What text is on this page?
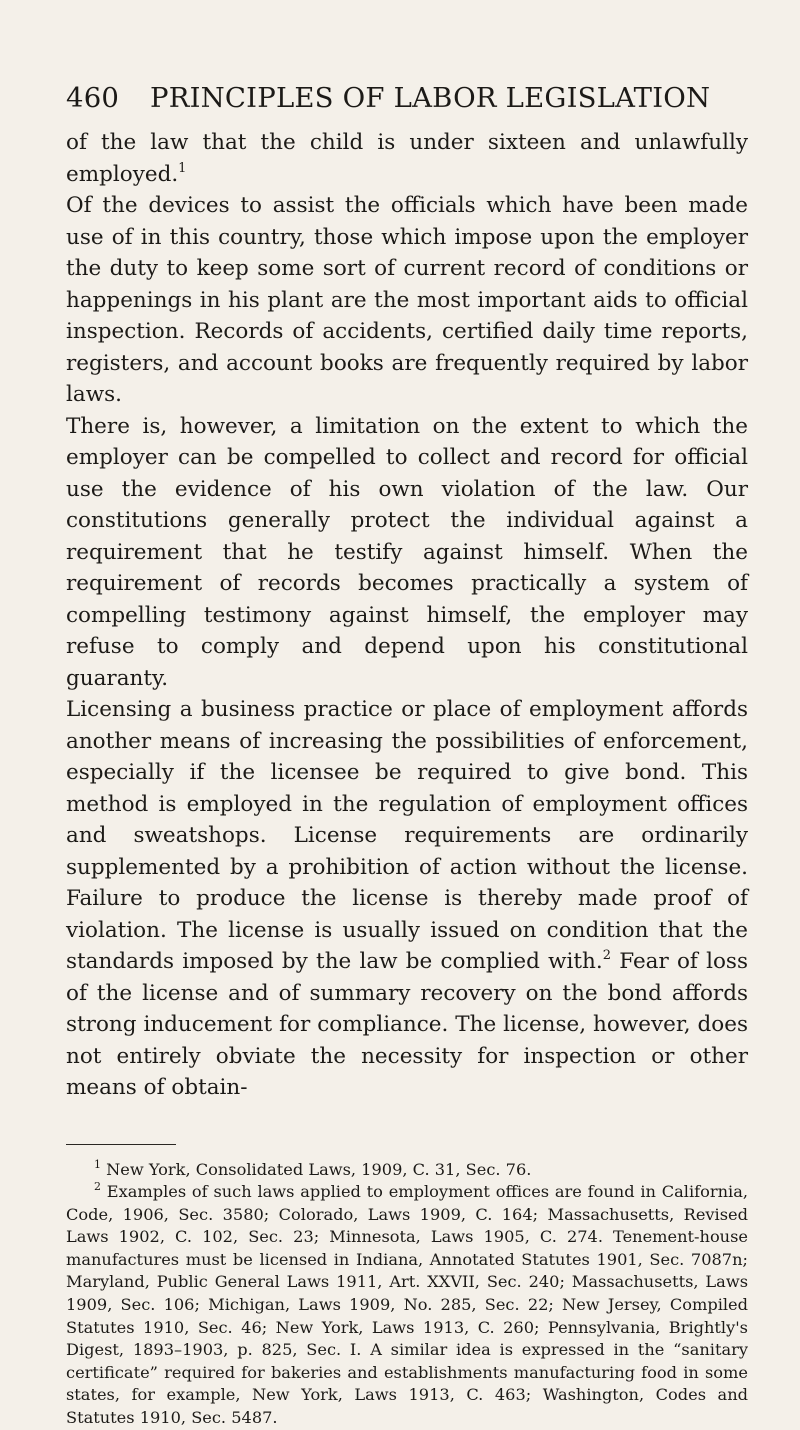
460 PRINCIPLES OF LABOR LEGISLATION

of the law that the child is under sixteen and unlawfully employed.$^1$

Of the devices to assist the officials which have been made use of in this country, those which impose upon the employer the duty to keep some sort of current record of conditions or happenings in his plant are the most important aids to official inspection. Records of accidents, certified daily time reports, registers, and account books are frequently required by labor laws.

There is, however, a limitation on the extent to which the employer can be compelled to collect and record for official use the evidence of his own violation of the law. Our constitutions generally protect the individual against a requirement that he testify against himself. When the requirement of records becomes practically a system of compelling testimony against himself, the employer may refuse to comply and depend upon his constitutional guaranty.

Licensing a business practice or place of employment affords another means of increasing the possibilities of enforcement, especially if the licensee be required to give bond. This method is employed in the regulation of employment offices and sweatshops. License requirements are ordinarily supplemented by a prohibition of action without the license. Failure to produce the license is thereby made proof of violation. The license is usually issued on condition that the standards imposed by the law be complied with.$^2$ Fear of loss of the license and of summary recovery on the bond affords strong inducement for compliance. The license, however, does not entirely obviate the necessity for inspection or other means of obtain-

$^1$ New York, Consolidated Laws, 1909, C. 31, Sec. 76.

$^2$ Examples of such laws applied to employment offices are found in California, Code, 1906, Sec. 3580; Colorado, Laws 1909, C. 164; Massachusetts, Revised Laws 1902, C. 102, Sec. 23; Minnesota, Laws 1905, C. 274. Tenement-house manufactures must be licensed in Indiana, Annotated Statutes 1901, Sec. 7087n; Maryland, Public General Laws 1911, Art. XXVII, Sec. 240; Massachusetts, Laws 1909, Sec. 106; Michigan, Laws 1909, No. 285, Sec. 22; New Jersey, Compiled Statutes 1910, Sec. 46; New York, Laws 1913, C. 260; Pennsylvania, Brightly's Digest, 1893–1903, p. 825, Sec. I. A similar idea is expressed in the “sanitary certificate” required for bakeries and establishments manufacturing food in some states, for example, New York, Laws 1913, C. 463; Washington, Codes and Statutes 1910, Sec. 5487.
